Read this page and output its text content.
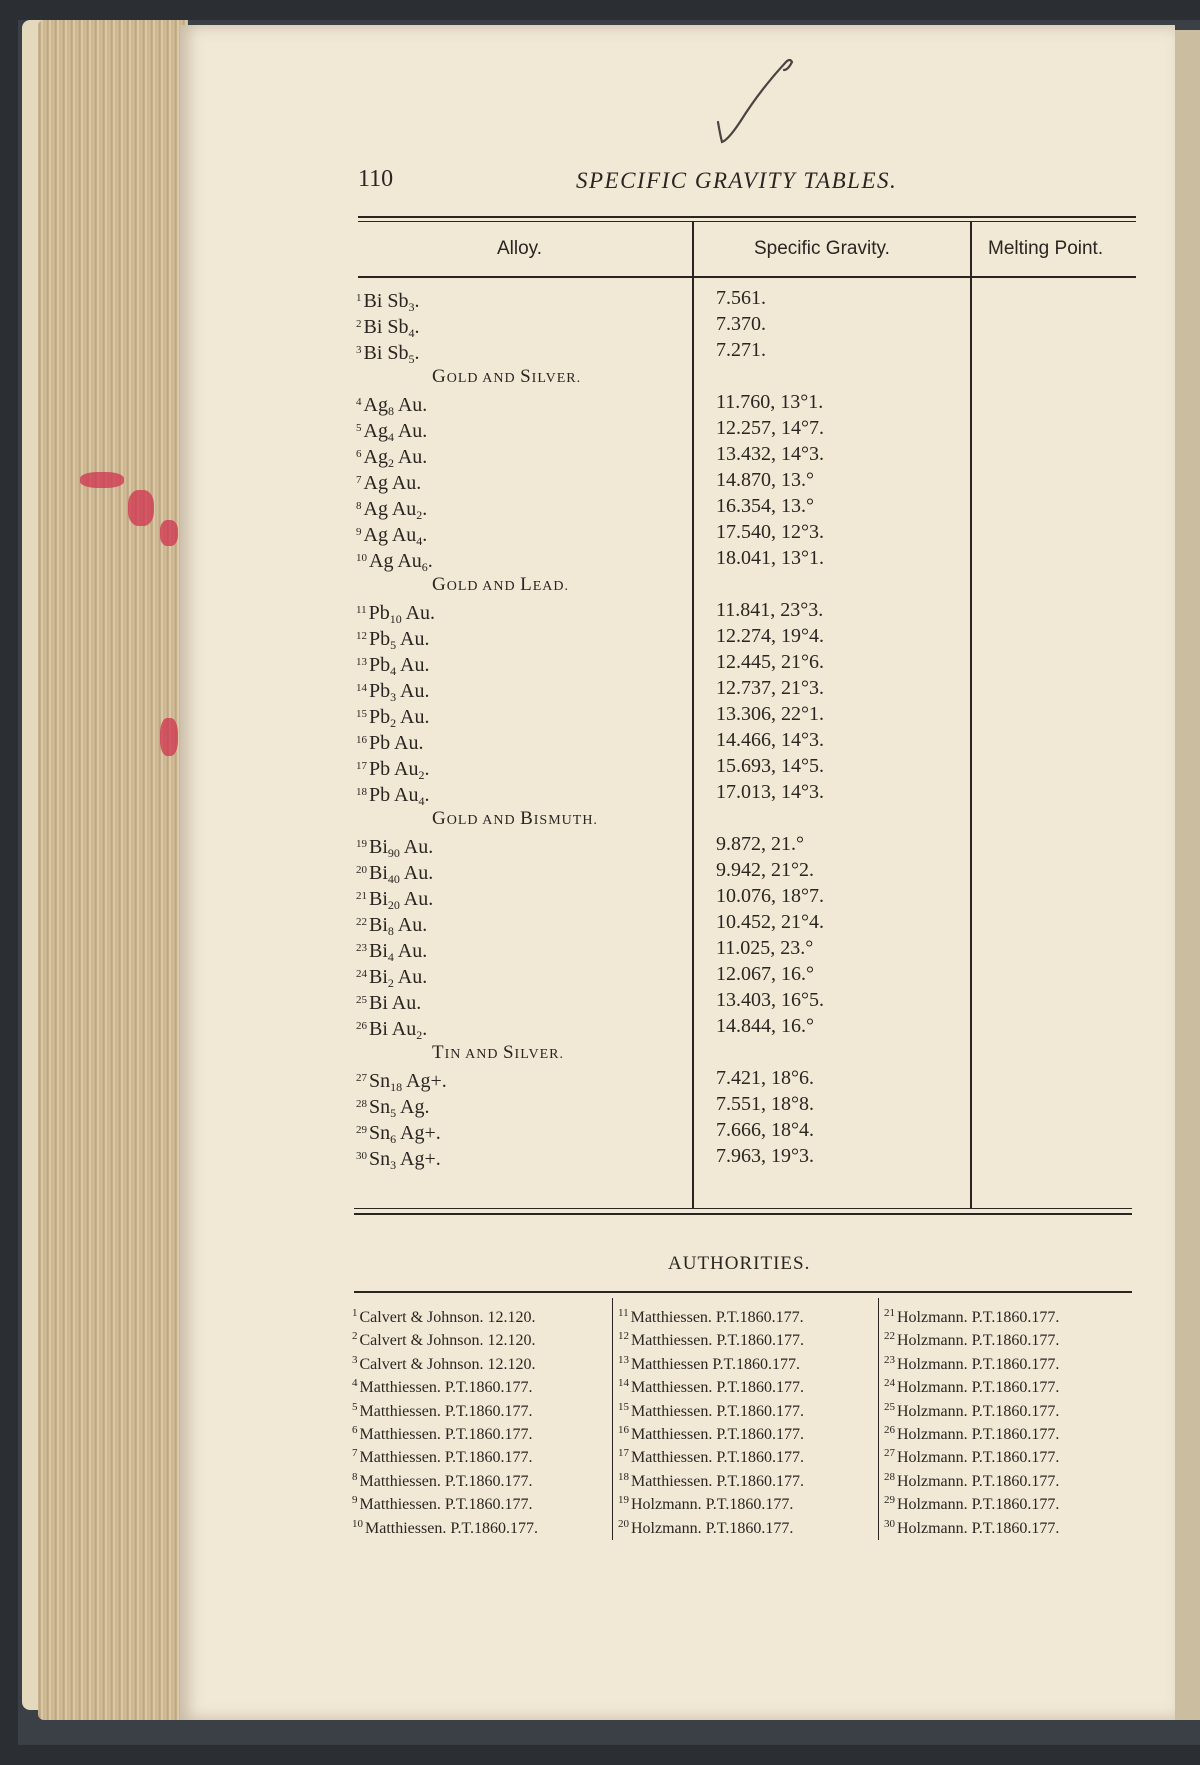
110	SPECIFIC GRAVITY TABLES.
Alloy.	Specific Gravity.	Melting Point.
$^1$ Bi $Sb_3$.	7.561.
$^2$ Bi $Sb_4$.	7.370.
$^3$ Bi $Sb_5$.	7.271.
GOLD AND SILVER.
$^4$ $Ag_8$ Au.	11.760, 13°1.
$^5$ $Ag_4$ Au.	12.257, 14°7.
$^6$ $Ag_2$ Au.	13.432, 14°3.
$^7$ Ag Au.	14.870, 13.°
$^8$ Ag $Au_2$.	16.354, 13.°
$^9$ Ag $Au_4$.	17.540, 12°3.
$^{10}$ Ag $Au_6$.	18.041, 13°1.
GOLD AND LEAD.
$^{11}$ $Pb_{10}$ Au.	11.841, 23°3.
$^{12}$ $Pb_5$ Au.	12.274, 19°4.
$^{13}$ $Pb_4$ Au.	12.445, 21°6.
$^{14}$ $Pb_3$ Au.	12.737, 21°3.
$^{15}$ $Pb_2$ Au.	13.306, 22°1.
$^{16}$ Pb Au.	14.466, 14°3.
$^{17}$ Pb $Au_2$.	15.693, 14°5.
$^{18}$ Pb $Au_4$.	17.013, 14°3.
GOLD AND BISMUTH.
$^{19}$ $Bi_{90}$ Au.	9.872, 21.°
$^{20}$ $Bi_{40}$ Au.	9.942, 21°2.
$^{21}$ $Bi_{20}$ Au.	10.076, 18°7.
$^{22}$ $Bi_8$ Au.	10.452, 21°4.
$^{23}$ $Bi_4$ Au.	11.025, 23.°
$^{24}$ $Bi_2$ Au.	12.067, 16.°
$^{25}$ Bi Au.	13.403, 16°5.
$^{26}$ Bi $Au_2$.	14.844, 16.°
TIN AND SILVER.
$^{27}$ $Sn_{18}$ Ag+.	7.421, 18°6.
$^{28}$ $Sn_5$ Ag.	7.551, 18°8.
$^{29}$ $Sn_6$ Ag+.	7.666, 18°4.
$^{30}$ $Sn_3$ Ag+.	7.963, 19°3.
AUTHORITIES.
$^1$ Calvert & Johnson. 12.120.
$^2$ Calvert & Johnson. 12.120.
$^3$ Calvert & Johnson. 12.120.
$^4$ Matthiessen. P.T.1860.177.
$^5$ Matthiessen. P.T.1860.177.
$^6$ Matthiessen. P.T.1860.177.
$^7$ Matthiessen. P.T.1860.177.
$^8$ Matthiessen. P.T.1860.177.
$^9$ Matthiessen. P.T.1860.177.
$^{10}$ Matthiessen. P.T.1860.177.
$^{11}$ Matthiessen. P.T.1860.177.
$^{12}$ Matthiessen. P.T.1860.177.
$^{13}$ Matthiessen P.T.1860.177.
$^{14}$ Matthiessen. P.T.1860.177.
$^{15}$ Matthiessen. P.T.1860.177.
$^{16}$ Matthiessen. P.T.1860.177.
$^{17}$ Matthiessen. P.T.1860.177.
$^{18}$ Matthiessen. P.T.1860.177.
$^{19}$ Holzmann. P.T.1860.177.
$^{20}$ Holzmann. P.T.1860.177.
$^{21}$ Holzmann. P.T.1860.177.
$^{22}$ Holzmann. P.T.1860.177.
$^{23}$ Holzmann. P.T.1860.177.
$^{24}$ Holzmann. P.T.1860.177.
$^{25}$ Holzmann. P.T.1860.177.
$^{26}$ Holzmann. P.T.1860.177.
$^{27}$ Holzmann. P.T.1860.177.
$^{28}$ Holzmann. P.T.1860.177.
$^{29}$ Holzmann. P.T.1860.177.
$^{30}$ Holzmann. P.T.1860.177.
